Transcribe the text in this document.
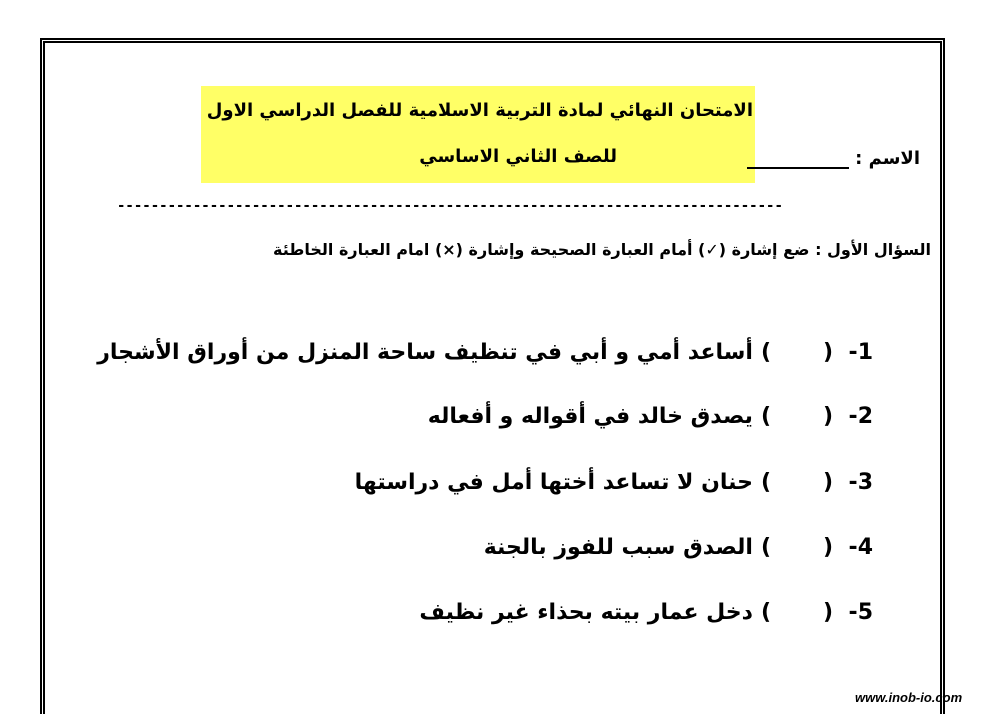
الامتحان النهائي لمادة التربية الاسلامية للفصل الدراسي الاول
للصف الثاني الاساسي	الاسم :
-------------------------------------------------------------------------------
السؤال الأول : ضع إشارة (✓) أمام العبارة الصحيحة وإشارة (×) امام العبارة الخاطئة
1-()أساعد أمي و أبي في تنظيف ساحة المنزل من أوراق الأشجار
2-()يصدق خالد في أقواله و أفعاله
3-()حنان لا تساعد أختها أمل في دراستها
4-()الصدق سبب للفوز بالجنة
5-()دخل عمار بيته بحذاء غير نظيف
www.inob-io.com
